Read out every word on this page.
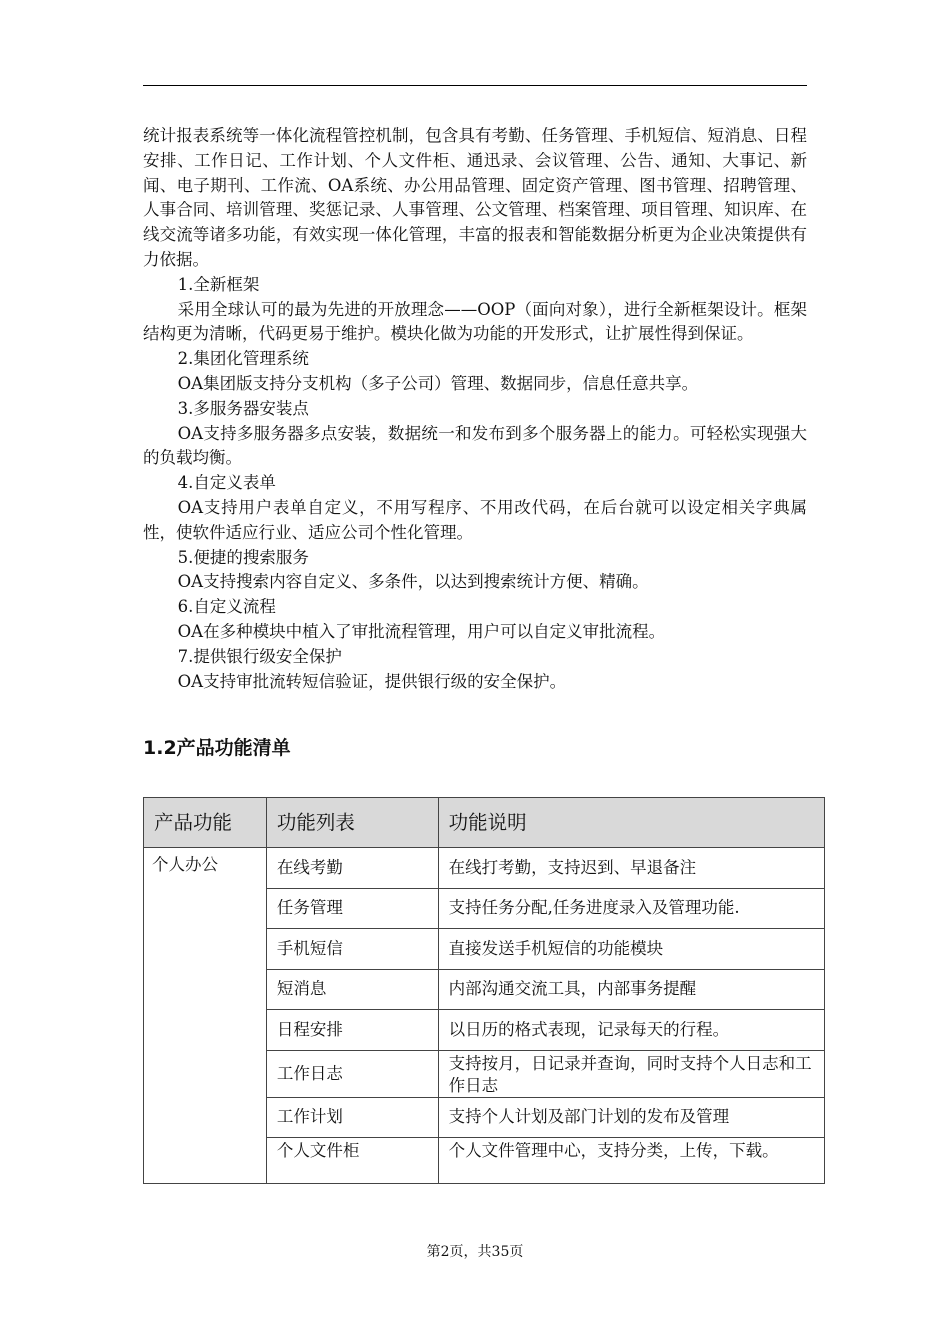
统计报表系统等一体化流程管控机制，包含具有考勤、任务管理、手机短信、短消息、日程安排、工作日记、工作计划、个人文件柜、通迅录、会议管理、公告、通知、大事记、新闻、电子期刊、工作流、OA系统、办公用品管理、固定资产管理、图书管理、招聘管理、人事合同、培训管理、奖惩记录、人事管理、公文管理、档案管理、项目管理、知识库、在线交流等诸多功能，有效实现一体化管理，丰富的报表和智能数据分析更为企业决策提供有力依据。

1.全新框架

采用全球认可的最为先进的开放理念——OOP（面向对象），进行全新框架设计。框架结构更为清晰，代码更易于维护。模块化做为功能的开发形式，让扩展性得到保证。

2.集团化管理系统

OA集团版支持分支机构（多子公司）管理、数据同步，信息任意共享。

3.多服务器安装点

OA支持多服务器多点安装，数据统一和发布到多个服务器上的能力。可轻松实现强大的负载均衡。

4.自定义表单

OA支持用户表单自定义，不用写程序、不用改代码，在后台就可以设定相关字典属性，使软件适应行业、适应公司个性化管理。

5.便捷的搜索服务

OA支持搜索内容自定义、多条件，以达到搜索统计方便、精确。

6.自定义流程

OA在多种模块中植入了审批流程管理，用户可以自定义审批流程。

7.提供银行级安全保护

OA支持审批流转短信验证，提供银行级的安全保护。

1.2产品功能清单
产品功能	功能列表	功能说明
个人办公	在线考勤	在线打考勤，支持迟到、早退备注
	任务管理	支持任务分配,任务进度录入及管理功能.
	手机短信	直接发送手机短信的功能模块
	短消息	内部沟通交流工具，内部事务提醒
	日程安排	以日历的格式表现，记录每天的行程。
	工作日志	支持按月，日记录并查询，同时支持个人日志和工作日志
	工作计划	支持个人计划及部门计划的发布及管理
	个人文件柜	个人文件管理中心，支持分类，上传，下载。
第2页，共35页
